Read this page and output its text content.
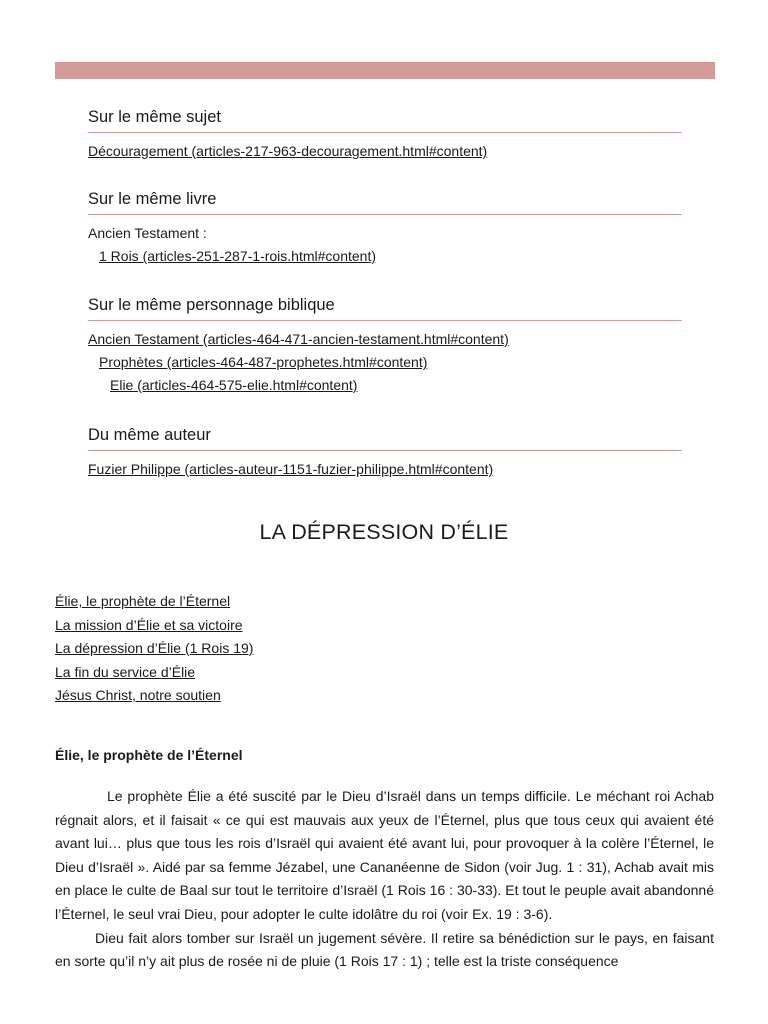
Sur le même sujet
Découragement (articles-217-963-decouragement.html#content)
Sur le même livre
Ancien Testament :
1 Rois (articles-251-287-1-rois.html#content)
Sur le même personnage biblique
Ancien Testament (articles-464-471-ancien-testament.html#content)
Prophètes (articles-464-487-prophetes.html#content)
Elie (articles-464-575-elie.html#content)
Du même auteur
Fuzier Philippe (articles-auteur-1151-fuzier-philippe.html#content)
LA DÉPRESSION D’ÉLIE
Élie, le prophète de l’Éternel
La mission d’Élie et sa victoire
La dépression d’Élie (1 Rois 19)
La fin du service d’Élie
Jésus Christ, notre soutien
Élie, le prophète de l’Éternel

Le prophète Élie a été suscité par le Dieu d’Israël dans un temps difficile. Le méchant roi Achab régnait alors, et il faisait « ce qui est mauvais aux yeux de l’Éternel, plus que tous ceux qui avaient été avant lui… plus que tous les rois d’Israël qui avaient été avant lui, pour provoquer à la colère l’Éternel, le Dieu d’Israël ». Aidé par sa femme Jézabel, une Cananéenne de Sidon (voir Jug. 1 : 31), Achab avait mis en place le culte de Baal sur tout le territoire d’Israël (1 Rois 16 : 30-33). Et tout le peuple avait abandonné l’Éternel, le seul vrai Dieu, pour adopter le culte idolâtre du roi (voir Ex. 19 : 3-6).

Dieu fait alors tomber sur Israël un jugement sévère. Il retire sa bénédiction sur le pays, en faisant en sorte qu’il n’y ait plus de rosée ni de pluie (1 Rois 17 : 1) ; telle est la triste conséquence
